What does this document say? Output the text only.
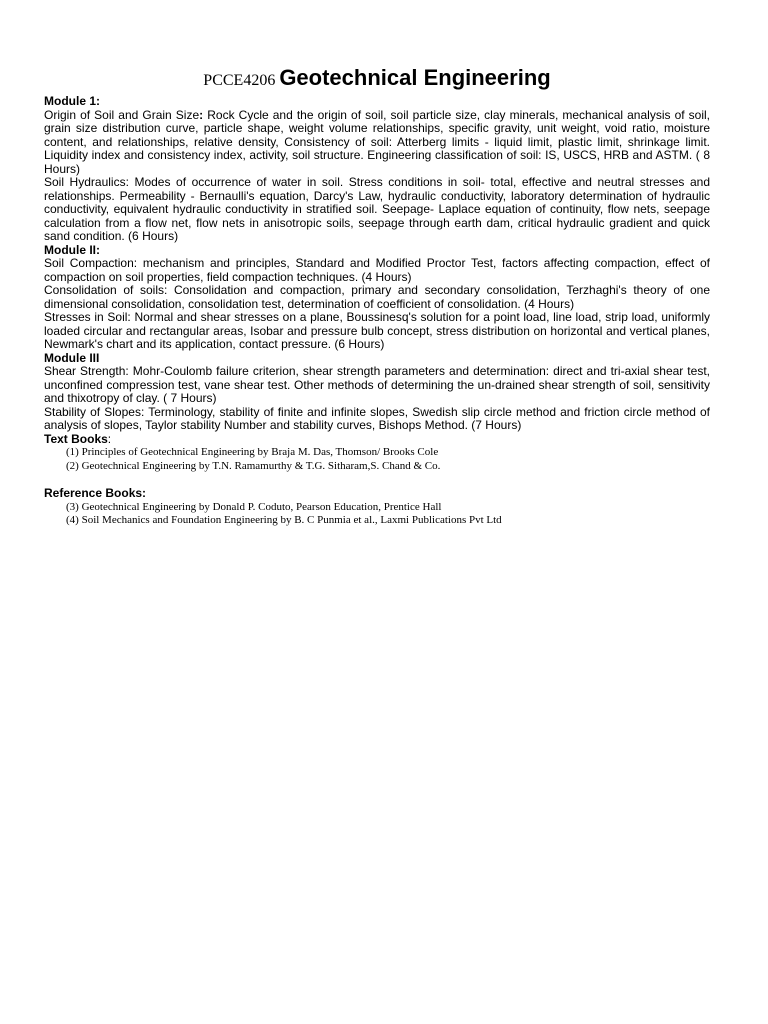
PCCE4206 Geotechnical Engineering
Module 1:

Origin of Soil and Grain Size: Rock Cycle and the origin of soil, soil particle size, clay minerals, mechanical analysis of soil, grain size distribution curve, particle shape, weight volume relationships, specific gravity, unit weight, void ratio, moisture content, and relationships, relative density, Consistency of soil: Atterberg limits - liquid limit, plastic limit, shrinkage limit. Liquidity index and consistency index, activity, soil structure. Engineering classification of soil: IS, USCS, HRB and ASTM. ( 8 Hours)

Soil Hydraulics: Modes of occurrence of water in soil. Stress conditions in soil- total, effective and neutral stresses and relationships. Permeability - Bernaulli's equation, Darcy's Law, hydraulic conductivity, laboratory determination of hydraulic conductivity, equivalent hydraulic conductivity in stratified soil. Seepage- Laplace equation of continuity, flow nets, seepage calculation from a flow net, flow nets in anisotropic soils, seepage through earth dam, critical hydraulic gradient and quick sand condition. (6 Hours)

Module II:

Soil Compaction: mechanism and principles, Standard and Modified Proctor Test, factors affecting compaction, effect of compaction on soil properties, field compaction techniques. (4 Hours)

Consolidation of soils: Consolidation and compaction, primary and secondary consolidation, Terzhaghi's theory of one dimensional consolidation, consolidation test, determination of coefficient of consolidation. (4 Hours)

Stresses in Soil: Normal and shear stresses on a plane, Boussinesq's solution for a point load, line load, strip load, uniformly loaded circular and rectangular areas, Isobar and pressure bulb concept, stress distribution on horizontal and vertical planes, Newmark's chart and its application, contact pressure. (6 Hours)

Module III

Shear Strength: Mohr-Coulomb failure criterion, shear strength parameters and determination: direct and tri-axial shear test, unconfined compression test, vane shear test. Other methods of determining the un-drained shear strength of soil, sensitivity and thixotropy of clay. ( 7 Hours)

Stability of Slopes: Terminology, stability of finite and infinite slopes, Swedish slip circle method and friction circle method of analysis of slopes, Taylor stability Number and stability curves, Bishops Method. (7 Hours)

Text Books:
(1) Principles of Geotechnical Engineering by Braja M. Das, Thomson/ Brooks Cole
(2) Geotechnical Engineering by T.N. Ramamurthy & T.G. Sitharam,S. Chand & Co.
Reference Books:
(3) Geotechnical Engineering by Donald P. Coduto, Pearson Education, Prentice Hall
(4) Soil Mechanics and Foundation Engineering by B. C Punmia et al., Laxmi Publications Pvt Ltd
